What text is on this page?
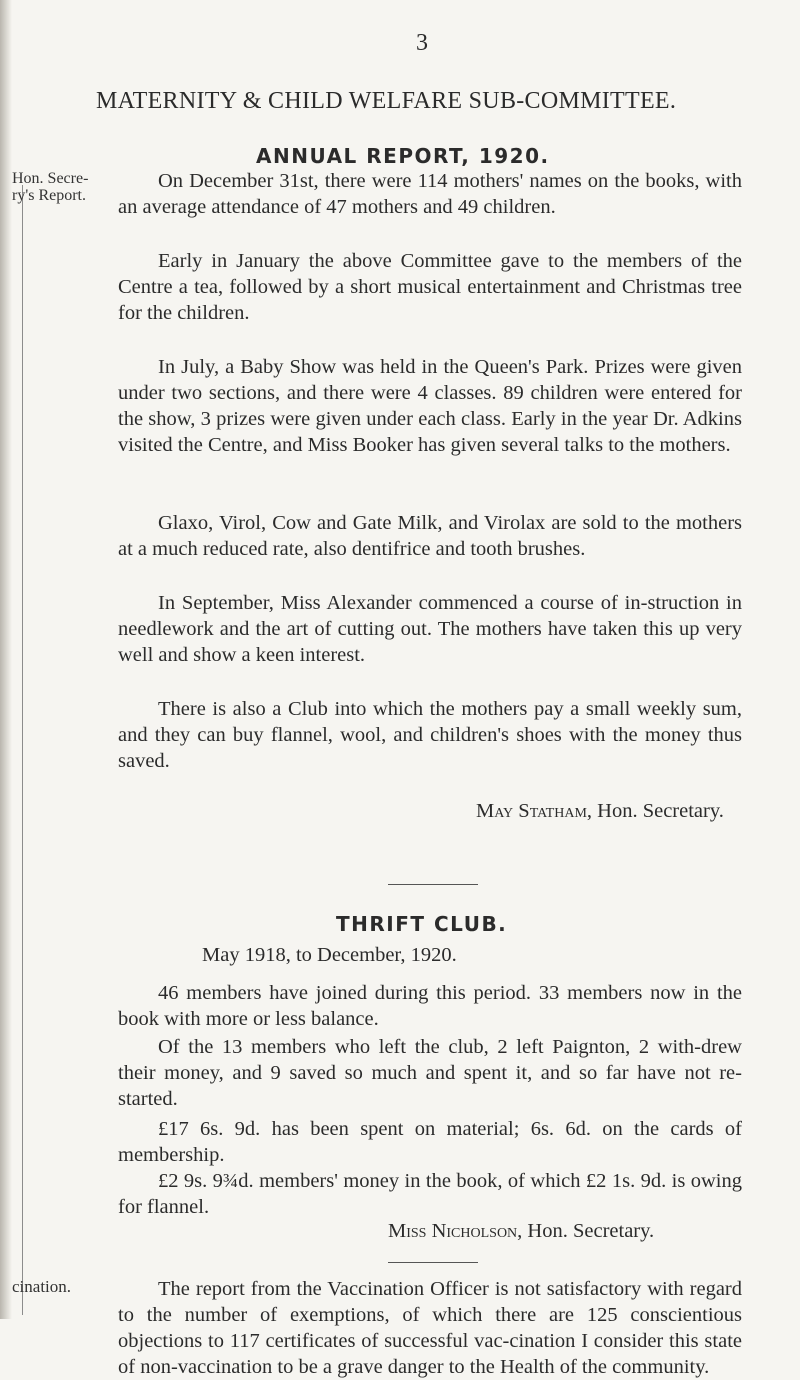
3
MATERNITY & CHILD WELFARE SUB-COMMITTEE.
ANNUAL REPORT, 1920.
Hon. Secre-
ry's Report.

On December 31st, there were 114 mothers' names on the books, with an average attendance of 47 mothers and 49 children.

Early in January the above Committee gave to the members of the Centre a tea, followed by a short musical entertainment and Christmas tree for the children.

In July, a Baby Show was held in the Queen's Park. Prizes were given under two sections, and there were 4 classes. 89 children were entered for the show, 3 prizes were given under each class. Early in the year Dr. Adkins visited the Centre, and Miss Booker has given several talks to the mothers.

Glaxo, Virol, Cow and Gate Milk, and Virolax are sold to the mothers at a much reduced rate, also dentifrice and tooth brushes.

In September, Miss Alexander commenced a course of in-struction in needlework and the art of cutting out. The mothers have taken this up very well and show a keen interest.

There is also a Club into which the mothers pay a small weekly sum, and they can buy flannel, wool, and children's shoes with the money thus saved.

May Statham, Hon. Secretary.
THRIFT CLUB.
May 1918, to December, 1920.

46 members have joined during this period. 33 members now in the book with more or less balance.

Of the 13 members who left the club, 2 left Paignton, 2 with-drew their money, and 9 saved so much and spent it, and so far have not re-started.

£17 6s. 9d. has been spent on material; 6s. 6d. on the cards of membership.

£2 9s. 9¾d. members' money in the book, of which £2 1s. 9d. is owing for flannel.

Miss Nicholson, Hon. Secretary.
cination.	The report from the Vaccination Officer is not satisfactory with regard to the number of exemptions, of which there are 125 conscientious objections to 117 certificates of successful vac-cination I consider this state of non-vaccination to be a grave danger to the Health of the community.
